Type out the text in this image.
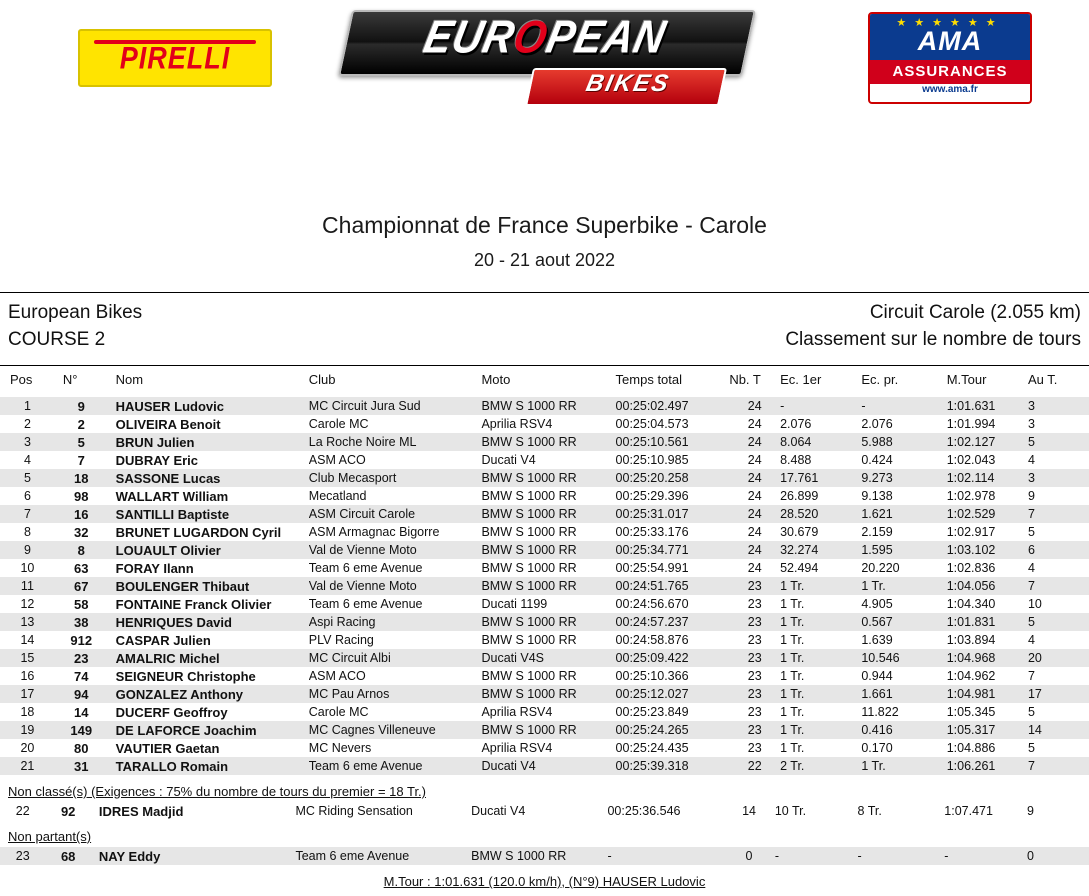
PIRELLI	EUROPEAN
BIKES
★★★★★★
AMA
ASSURANCES
www.ama.fr
Championnat de France Superbike - Carole
20 - 21 aout 2022
European Bikes	Circuit Carole (2.055 km)
COURSE 2	Classement sur le nombre de tours
Pos	N°	Nom	Club	Moto	Temps total	Nb. T	Ec. 1er	Ec. pr.	M.Tour	Au T.
1	9	HAUSER Ludovic	MC Circuit Jura Sud	BMW S 1000 RR	00:25:02.497	24	-	-	1:01.631	3
2	2	OLIVEIRA Benoit	Carole MC	Aprilia RSV4	00:25:04.573	24	2.076	2.076	1:01.994	3
3	5	BRUN Julien	La Roche Noire ML	BMW S 1000 RR	00:25:10.561	24	8.064	5.988	1:02.127	5
4	7	DUBRAY Eric	ASM ACO	Ducati V4	00:25:10.985	24	8.488	0.424	1:02.043	4
5	18	SASSONE Lucas	Club Mecasport	BMW S 1000 RR	00:25:20.258	24	17.761	9.273	1:02.114	3
6	98	WALLART William	Mecatland	BMW S 1000 RR	00:25:29.396	24	26.899	9.138	1:02.978	9
7	16	SANTILLI Baptiste	ASM Circuit Carole	BMW S 1000 RR	00:25:31.017	24	28.520	1.621	1:02.529	7
8	32	BRUNET LUGARDON Cyril	ASM Armagnac Bigorre	BMW S 1000 RR	00:25:33.176	24	30.679	2.159	1:02.917	5
9	8	LOUAULT Olivier	Val de Vienne Moto	BMW S 1000 RR	00:25:34.771	24	32.274	1.595	1:03.102	6
10	63	FORAY Ilann	Team 6 eme Avenue	BMW S 1000 RR	00:25:54.991	24	52.494	20.220	1:02.836	4
11	67	BOULENGER Thibaut	Val de Vienne Moto	BMW S 1000 RR	00:24:51.765	23	1 Tr.	1 Tr.	1:04.056	7
12	58	FONTAINE Franck Olivier	Team 6 eme Avenue	Ducati 1199	00:24:56.670	23	1 Tr.	4.905	1:04.340	10
13	38	HENRIQUES David	Aspi Racing	BMW S 1000 RR	00:24:57.237	23	1 Tr.	0.567	1:01.831	5
14	912	CASPAR Julien	PLV Racing	BMW S 1000 RR	00:24:58.876	23	1 Tr.	1.639	1:03.894	4
15	23	AMALRIC Michel	MC Circuit Albi	Ducati V4S	00:25:09.422	23	1 Tr.	10.546	1:04.968	20
16	74	SEIGNEUR Christophe	ASM ACO	BMW S 1000 RR	00:25:10.366	23	1 Tr.	0.944	1:04.962	7
17	94	GONZALEZ Anthony	MC Pau Arnos	BMW S 1000 RR	00:25:12.027	23	1 Tr.	1.661	1:04.981	17
18	14	DUCERF Geoffroy	Carole MC	Aprilia RSV4	00:25:23.849	23	1 Tr.	11.822	1:05.345	5
19	149	DE LAFORCE Joachim	MC Cagnes Villeneuve	BMW S 1000 RR	00:25:24.265	23	1 Tr.	0.416	1:05.317	14
20	80	VAUTIER Gaetan	MC Nevers	Aprilia RSV4	00:25:24.435	23	1 Tr.	0.170	1:04.886	5
21	31	TARALLO Romain	Team 6 eme Avenue	Ducati V4	00:25:39.318	22	2 Tr.	1 Tr.	1:06.261	7
Non classé(s) (Exigences : 75% du nombre de tours du premier = 18 Tr.)
22	92	IDRES Madjid	MC Riding Sensation	Ducati V4	00:25:36.546	14	10 Tr.	8 Tr.	1:07.471	9
Non partant(s)
23	68	NAY Eddy	Team 6 eme Avenue	BMW S 1000 RR	-	0	-	-	-	0
M.Tour : 1:01.631 (120.0 km/h), (N°9) HAUSER Ludovic
